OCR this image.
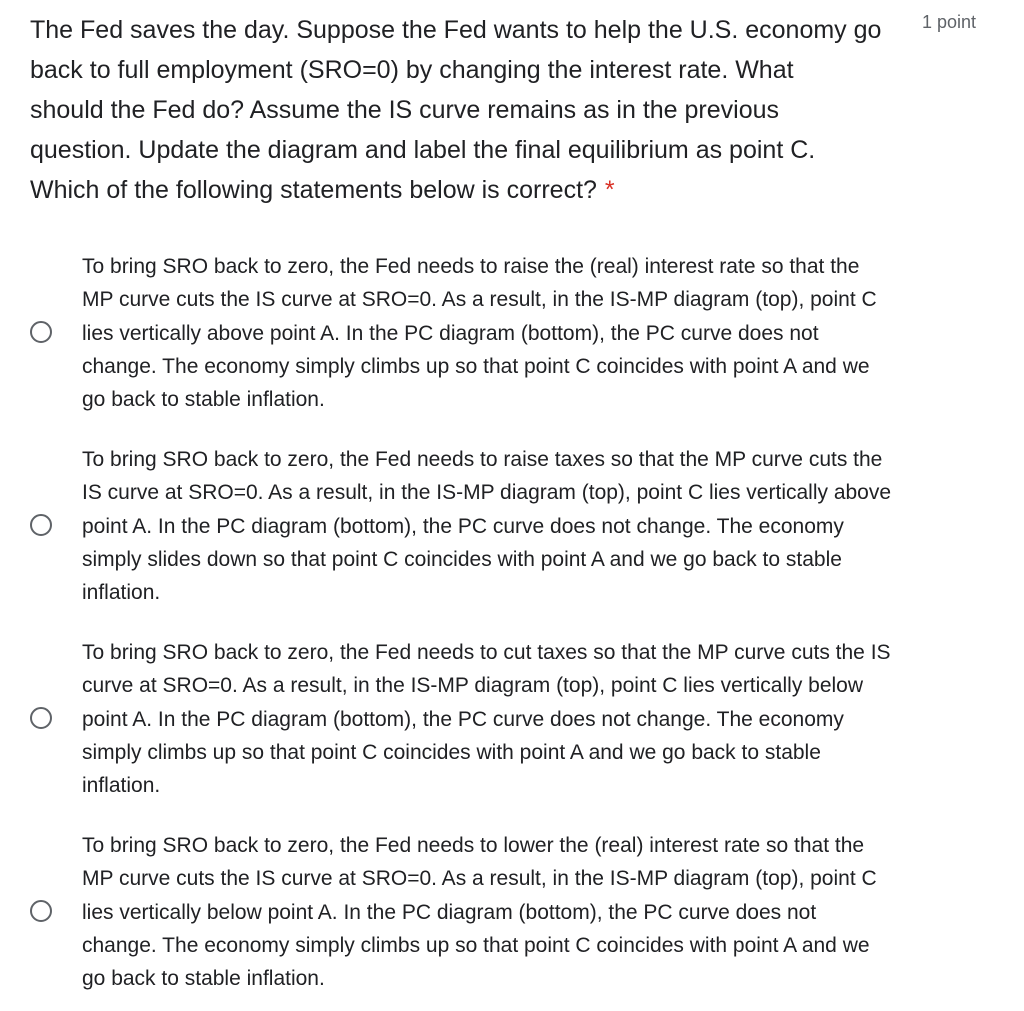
The Fed saves the day. Suppose the Fed wants to help the U.S. economy go
back to full employment (SRO=0) by changing the interest rate. What
should the Fed do? Assume the IS curve remains as in the previous
question. Update the diagram and label the final equilibrium as point C.
Which of the following statements below is correct? *
1 point
To bring SRO back to zero, the Fed needs to raise the (real) interest rate so that the
MP curve cuts the IS curve at SRO=0. As a result, in the IS-MP diagram (top), point C
lies vertically above point A. In the PC diagram (bottom), the PC curve does not
change. The economy simply climbs up so that point C coincides with point A and we
go back to stable inflation.
To bring SRO back to zero, the Fed needs to raise taxes so that the MP curve cuts the
IS curve at SRO=0. As a result, in the IS-MP diagram (top), point C lies vertically above
point A. In the PC diagram (bottom), the PC curve does not change. The economy
simply slides down so that point C coincides with point A and we go back to stable
inflation.
To bring SRO back to zero, the Fed needs to cut taxes so that the MP curve cuts the IS
curve at SRO=0. As a result, in the IS-MP diagram (top), point C lies vertically below
point A. In the PC diagram (bottom), the PC curve does not change. The economy
simply climbs up so that point C coincides with point A and we go back to stable
inflation.
To bring SRO back to zero, the Fed needs to lower the (real) interest rate so that the
MP curve cuts the IS curve at SRO=0. As a result, in the IS-MP diagram (top), point C
lies vertically below point A. In the PC diagram (bottom), the PC curve does not
change. The economy simply climbs up so that point C coincides with point A and we
go back to stable inflation.
